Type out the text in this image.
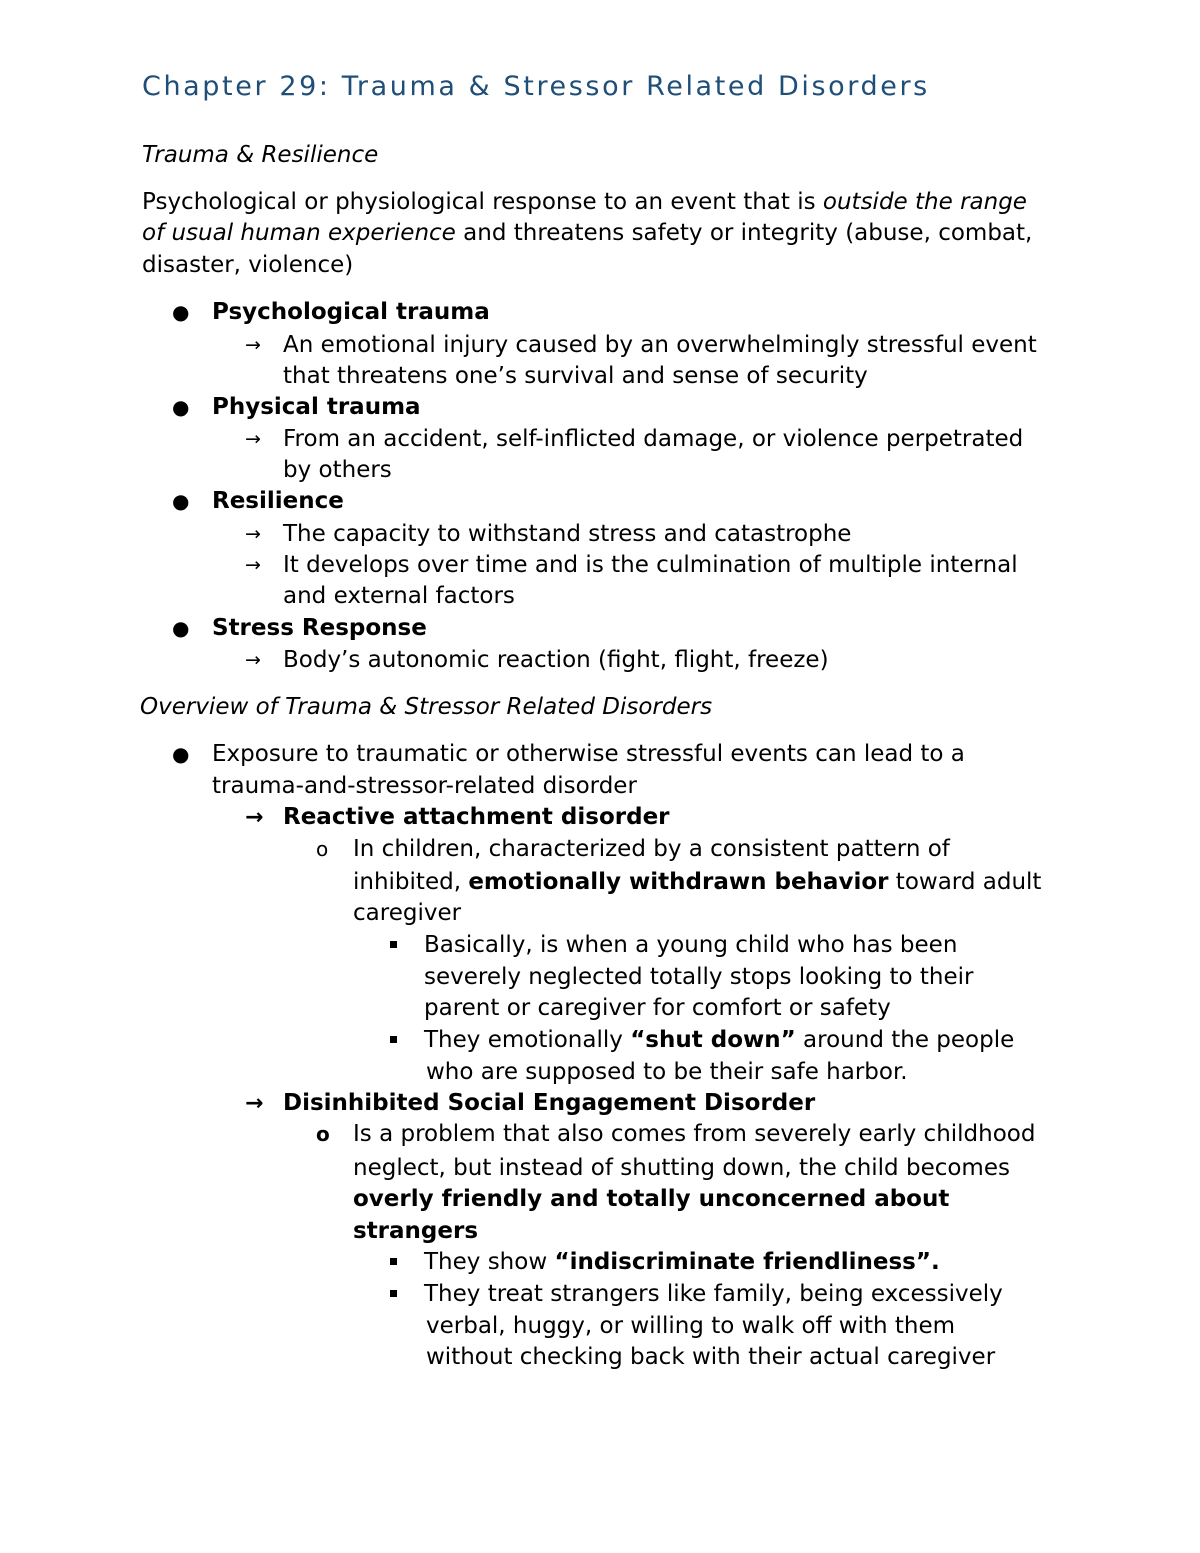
Chapter 29: Trauma & Stressor Related Disorders
Trauma & Resilience
Psychological or physiological response to an event that is outside the range
of usual human experience and threatens safety or integrity (abuse, combat,
disaster, violence)
● Psychological trauma
→ An emotional injury caused by an overwhelmingly stressful event
that threatens one’s survival and sense of security
● Physical trauma
→ From an accident, self-inflicted damage, or violence perpetrated
by others
● Resilience
→ The capacity to withstand stress and catastrophe
→ It develops over time and is the culmination of multiple internal
and external factors
● Stress Response
→ Body’s autonomic reaction (fight, flight, freeze)
Overview of Trauma & Stressor Related Disorders
● Exposure to traumatic or otherwise stressful events can lead to a
trauma-and-stressor-related disorder
→ Reactive attachment disorder
o In children, characterized by a consistent pattern of
inhibited, emotionally withdrawn behavior toward adult
caregiver
Basically, is when a young child who has been
severely neglected totally stops looking to their
parent or caregiver for comfort or safety
They emotionally “shut down” around the people
who are supposed to be their safe harbor.
→ Disinhibited Social Engagement Disorder
o Is a problem that also comes from severely early childhood
neglect, but instead of shutting down, the child becomes
overly friendly and totally unconcerned about
strangers
They show “indiscriminate friendliness”.
They treat strangers like family, being excessively
verbal, huggy, or willing to walk off with them
without checking back with their actual caregiver
